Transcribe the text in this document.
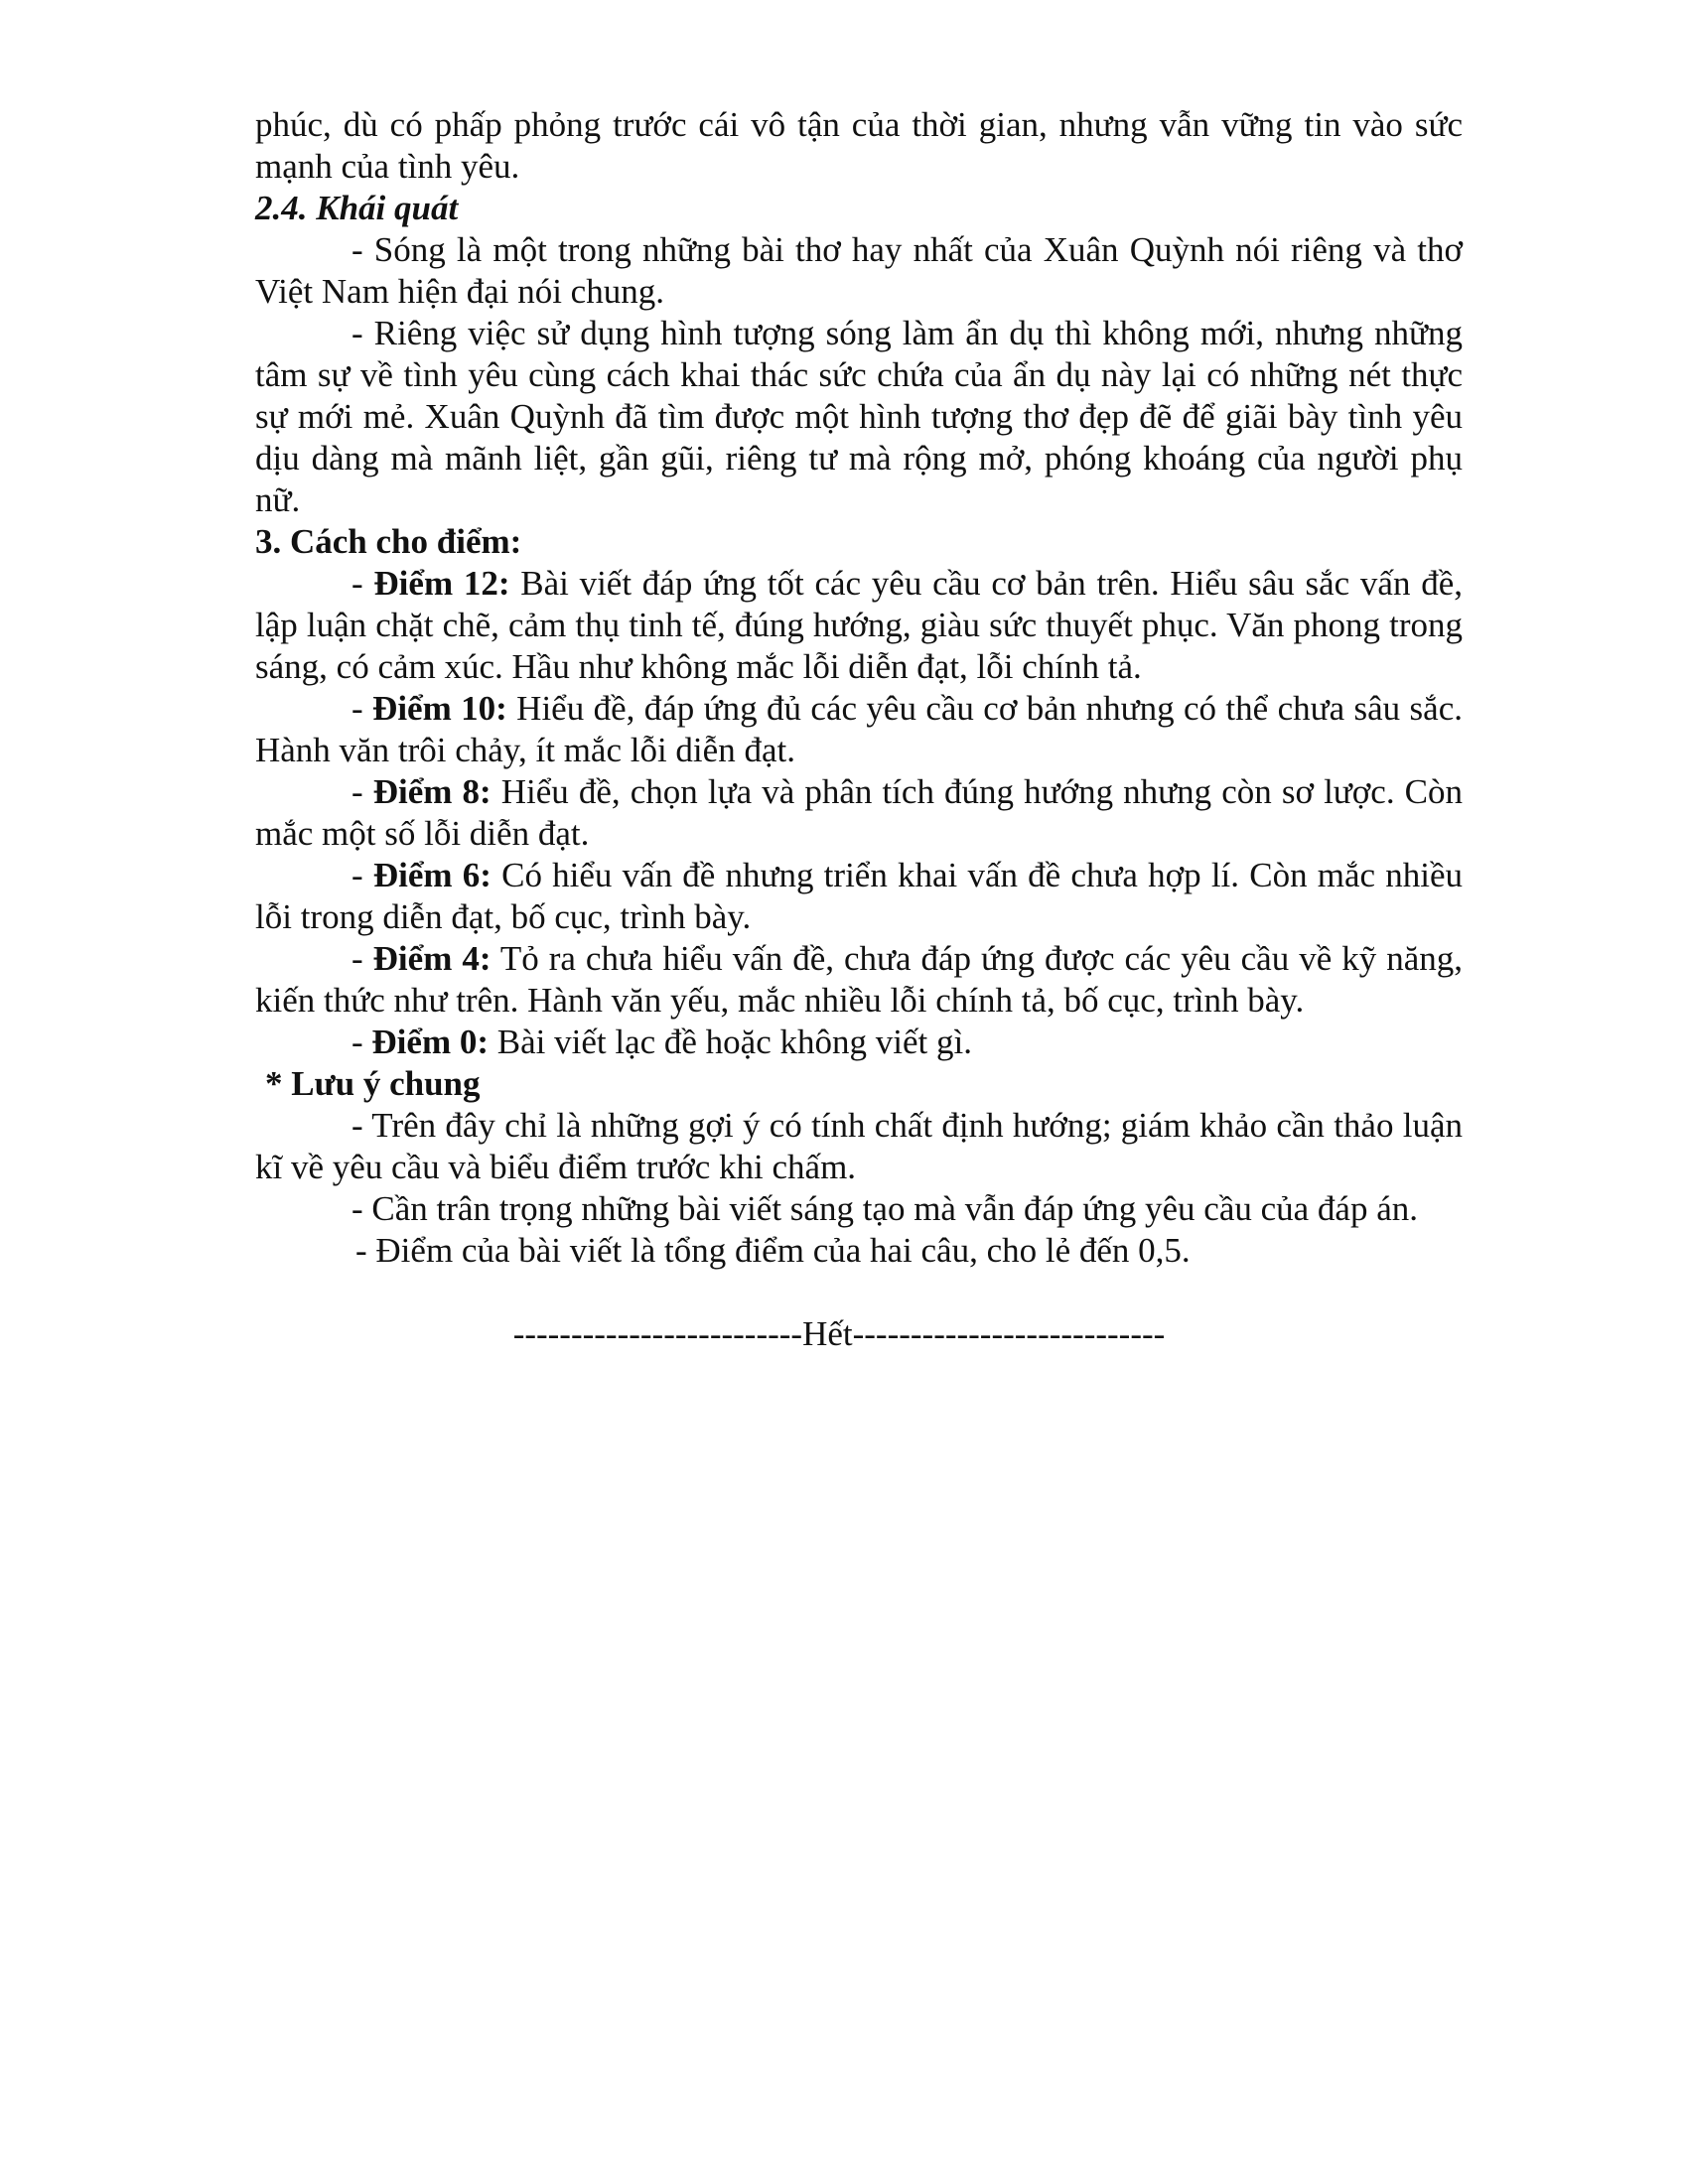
phúc, dù có phấp phỏng trước cái vô tận của thời gian, nhưng vẫn vững tin vào sức mạnh của tình yêu.

2.4. Khái quát

- Sóng là một trong những bài thơ hay nhất của Xuân Quỳnh nói riêng và thơ Việt Nam hiện đại nói chung.

- Riêng việc sử dụng hình tượng sóng làm ẩn dụ thì không mới, nhưng những tâm sự về tình yêu cùng cách khai thác sức chứa của ẩn dụ này lại có những nét thực sự mới mẻ. Xuân Quỳnh đã tìm được một hình tượng thơ đẹp đẽ để giãi bày tình yêu dịu dàng mà mãnh liệt, gần gũi, riêng tư mà rộng mở, phóng khoáng của người phụ nữ.

3. Cách cho điểm:

- Điểm 12: Bài viết đáp ứng tốt các yêu cầu cơ bản trên. Hiểu sâu sắc vấn đề, lập luận chặt chẽ, cảm thụ tinh tế, đúng hướng, giàu sức thuyết phục. Văn phong trong sáng, có cảm xúc. Hầu như không mắc lỗi diễn đạt, lỗi chính tả.

- Điểm 10: Hiểu đề, đáp ứng đủ các yêu cầu cơ bản nhưng có thể chưa sâu sắc. Hành văn trôi chảy, ít mắc lỗi diễn đạt.

- Điểm 8: Hiểu đề, chọn lựa và phân tích đúng hướng nhưng còn sơ lược. Còn mắc một số lỗi diễn đạt.

- Điểm 6: Có hiểu vấn đề nhưng triển khai vấn đề chưa hợp lí. Còn mắc nhiều lỗi trong diễn đạt, bố cục, trình bày.

- Điểm 4: Tỏ ra chưa hiểu vấn đề, chưa đáp ứng được các yêu cầu về kỹ năng, kiến thức như trên. Hành văn yếu, mắc nhiều lỗi chính tả, bố cục, trình bày.

- Điểm 0: Bài viết lạc đề hoặc không viết gì.

* Lưu ý chung

- Trên đây chỉ là những gợi ý có tính chất định hướng; giám khảo cần thảo luận kĩ về yêu cầu và biểu điểm trước khi chấm.

- Cần trân trọng những bài viết sáng tạo mà vẫn đáp ứng yêu cầu của đáp án.

- Điểm của bài viết là tổng điểm của hai câu, cho lẻ đến 0,5.

-------------------------Hết---------------------------
